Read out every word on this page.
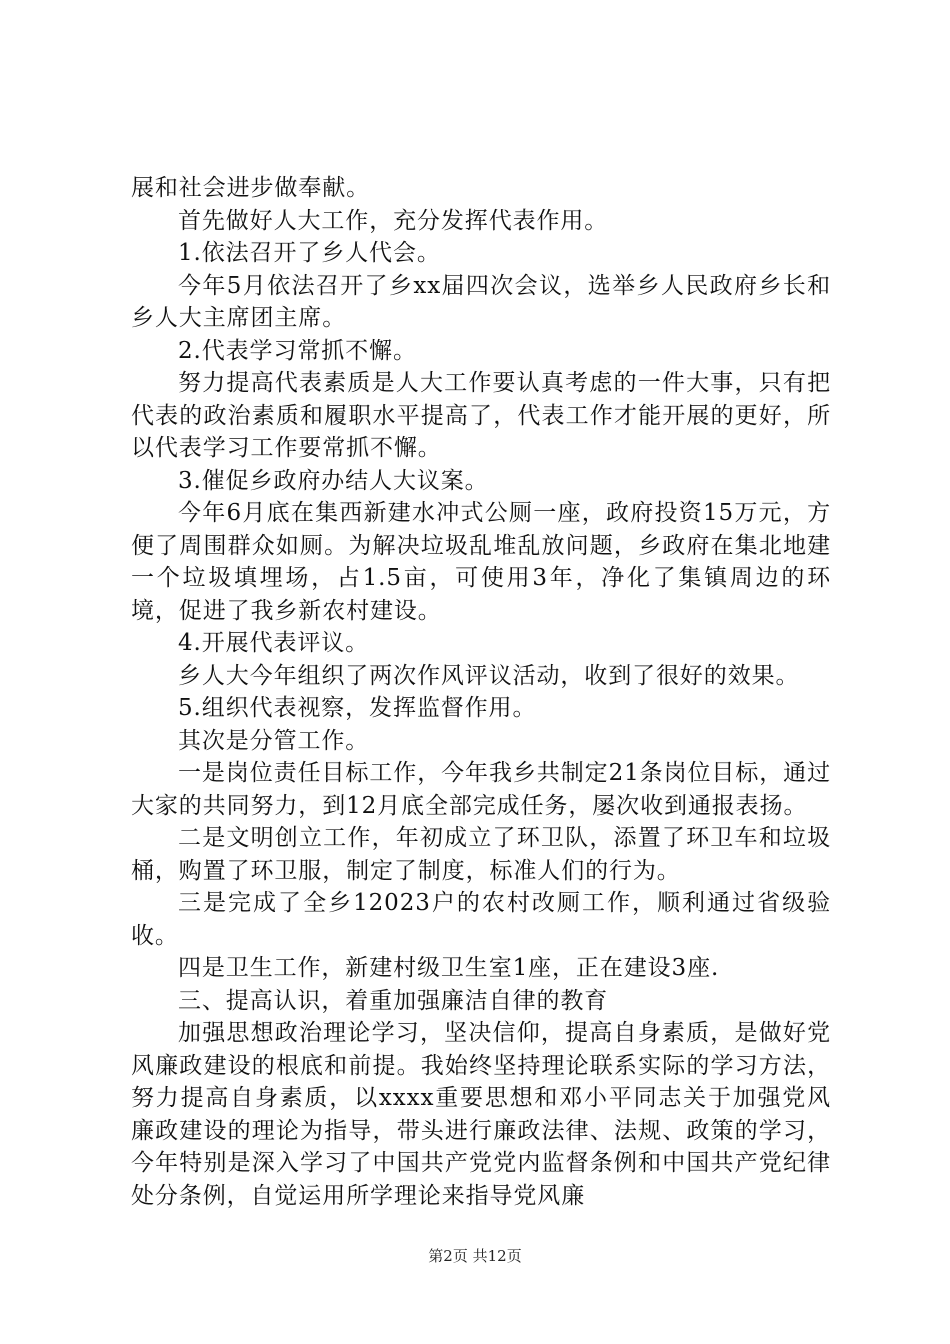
展和社会进步做奉献。

首先做好人大工作，充分发挥代表作用。

1.依法召开了乡人代会。

今年5月依法召开了乡xx届四次会议，选举乡人民政府乡长和乡人大主席团主席。

2.代表学习常抓不懈。

努力提高代表素质是人大工作要认真考虑的一件大事，只有把代表的政治素质和履职水平提高了，代表工作才能开展的更好，所以代表学习工作要常抓不懈。

3.催促乡政府办结人大议案。

今年6月底在集西新建水冲式公厕一座，政府投资15万元，方便了周围群众如厕。为解决垃圾乱堆乱放问题，乡政府在集北地建一个垃圾填埋场，占1.5亩，可使用3年，净化了集镇周边的环境，促进了我乡新农村建设。

4.开展代表评议。

乡人大今年组织了两次作风评议活动，收到了很好的效果。

5.组织代表视察，发挥监督作用。

其次是分管工作。

一是岗位责任目标工作，今年我乡共制定21条岗位目标，通过大家的共同努力，到12月底全部完成任务，屡次收到通报表扬。

二是文明创立工作，年初成立了环卫队，添置了环卫车和垃圾桶，购置了环卫服，制定了制度，标准人们的行为。

三是完成了全乡12023户的农村改厕工作，顺利通过省级验收。

四是卫生工作，新建村级卫生室1座，正在建设3座.

三、提高认识，着重加强廉洁自律的教育

加强思想政治理论学习，坚决信仰，提高自身素质，是做好党风廉政建设的根底和前提。我始终坚持理论联系实际的学习方法，努力提高自身素质，以xxxx重要思想和邓小平同志关于加强党风廉政建设的理论为指导，带头进行廉政法律、法规、政策的学习，今年特别是深入学习了中国共产党党内监督条例和中国共产党纪律处分条例，自觉运用所学理论来指导党风廉

第2页 共12页
